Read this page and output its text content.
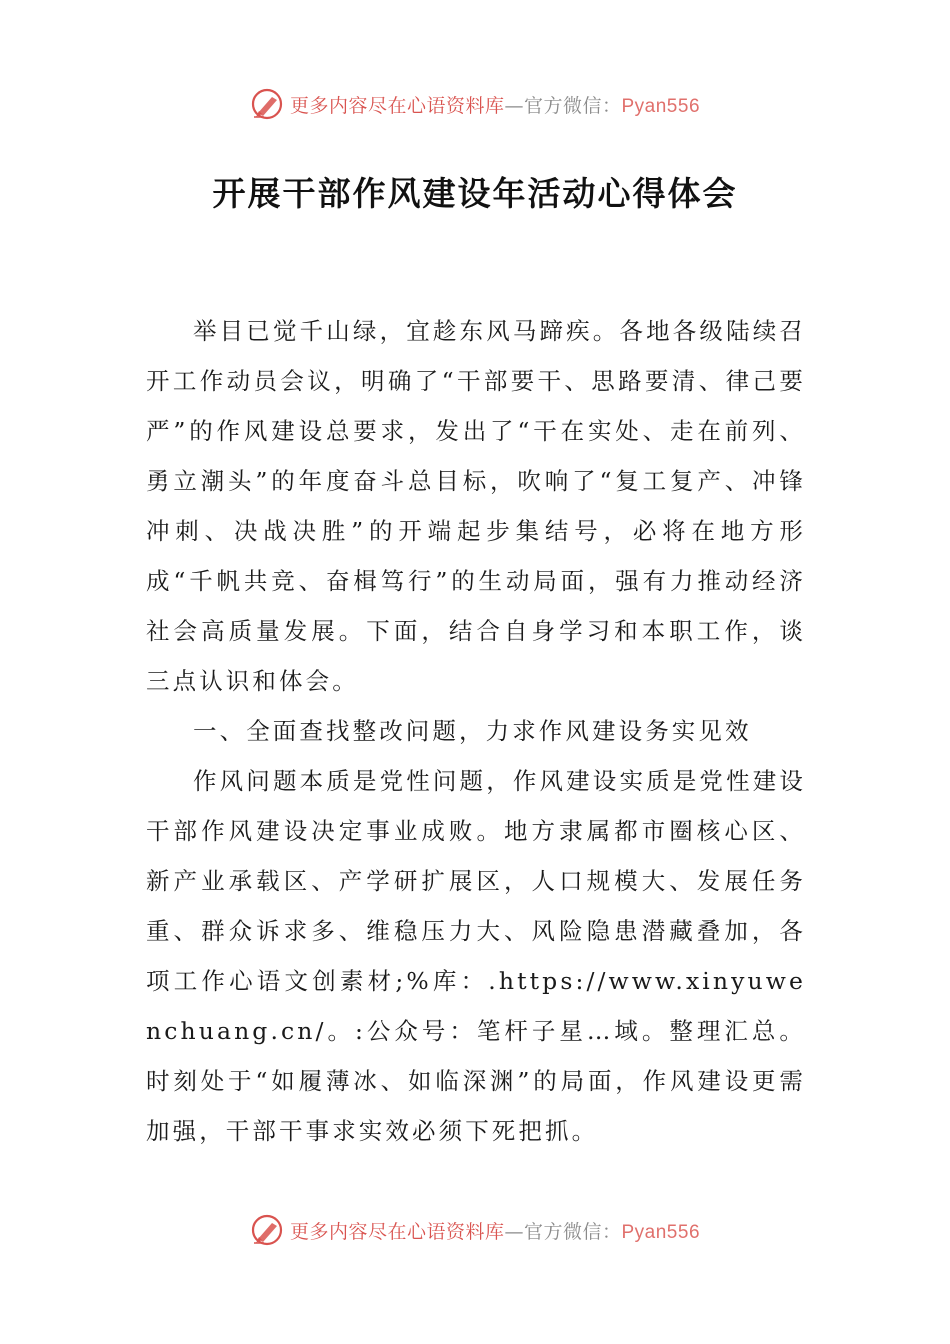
更多内容尽在心语资料库—官方微信：Pyan556
开展干部作风建设年活动心得体会

举目已觉千山绿，宜趁东风马蹄疾。各地各级陆续召开工作动员会议，明确了“干部要干、思路要清、律己要严”的作风建设总要求，发出了“干在实处、走在前列、勇立潮头”的年度奋斗总目标，吹响了“复工复产、冲锋冲刺、决战决胜”的开端起步集结号，必将在地方形成“千帆共竞、奋楫笃行”的生动局面，强有力推动经济社会高质量发展。下面，结合自身学习和本职工作，谈三点认识和体会。

一、全面查找整改问题，力求作风建设务实见效

作风问题本质是党性问题，作风建设实质是党性建设干部作风建设决定事业成败。地方隶属都市圈核心区、新产业承载区、产学研扩展区，人口规模大、发展任务重、群众诉求多、维稳压力大、风险隐患潜藏叠加，各项工作心语文创素材;%库：.https://www.xinyuwenchuang.cn/。:公众号：笔杆子星…域。整理汇总。时刻处于“如履薄冰、如临深渊”的局面，作风建设更需加强，干部干事求实效必须下死把抓。

更多内容尽在心语资料库—官方微信：Pyan556
